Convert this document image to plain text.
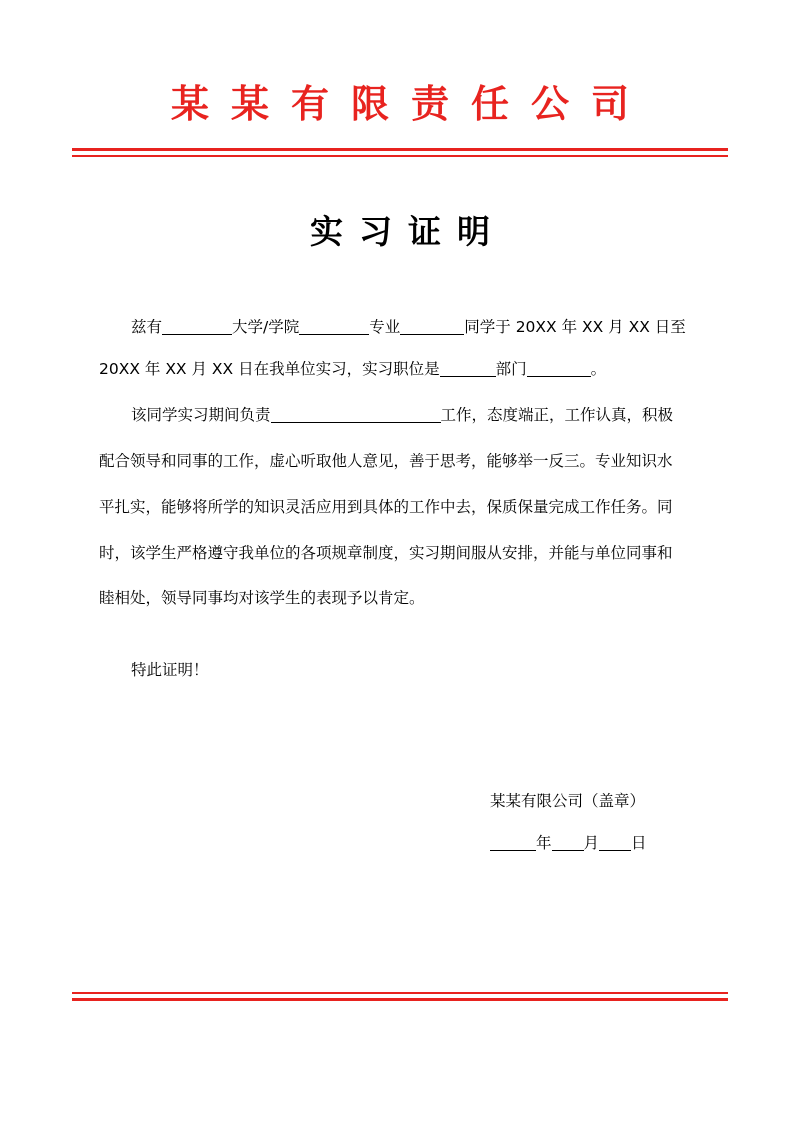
某某有限责任公司
实习证明
兹有	大学/学院	专业	同学于 20XX 年 XX 月 XX 日至
20XX 年 XX 月 XX 日在我单位实习，实习职位是	部门	。
该同学实习期间负责	工作，态度端正，工作认真，积极
配合领导和同事的工作，虚心听取他人意见，善于思考，能够举一反三。专业知识水
平扎实，能够将所学的知识灵活应用到具体的工作中去，保质保量完成工作任务。同
时，该学生严格遵守我单位的各项规章制度，实习期间服从安排，并能与单位同事和
睦相处，领导同事均对该学生的表现予以肯定。
特此证明！
某某有限公司（盖章）
年 月 日
